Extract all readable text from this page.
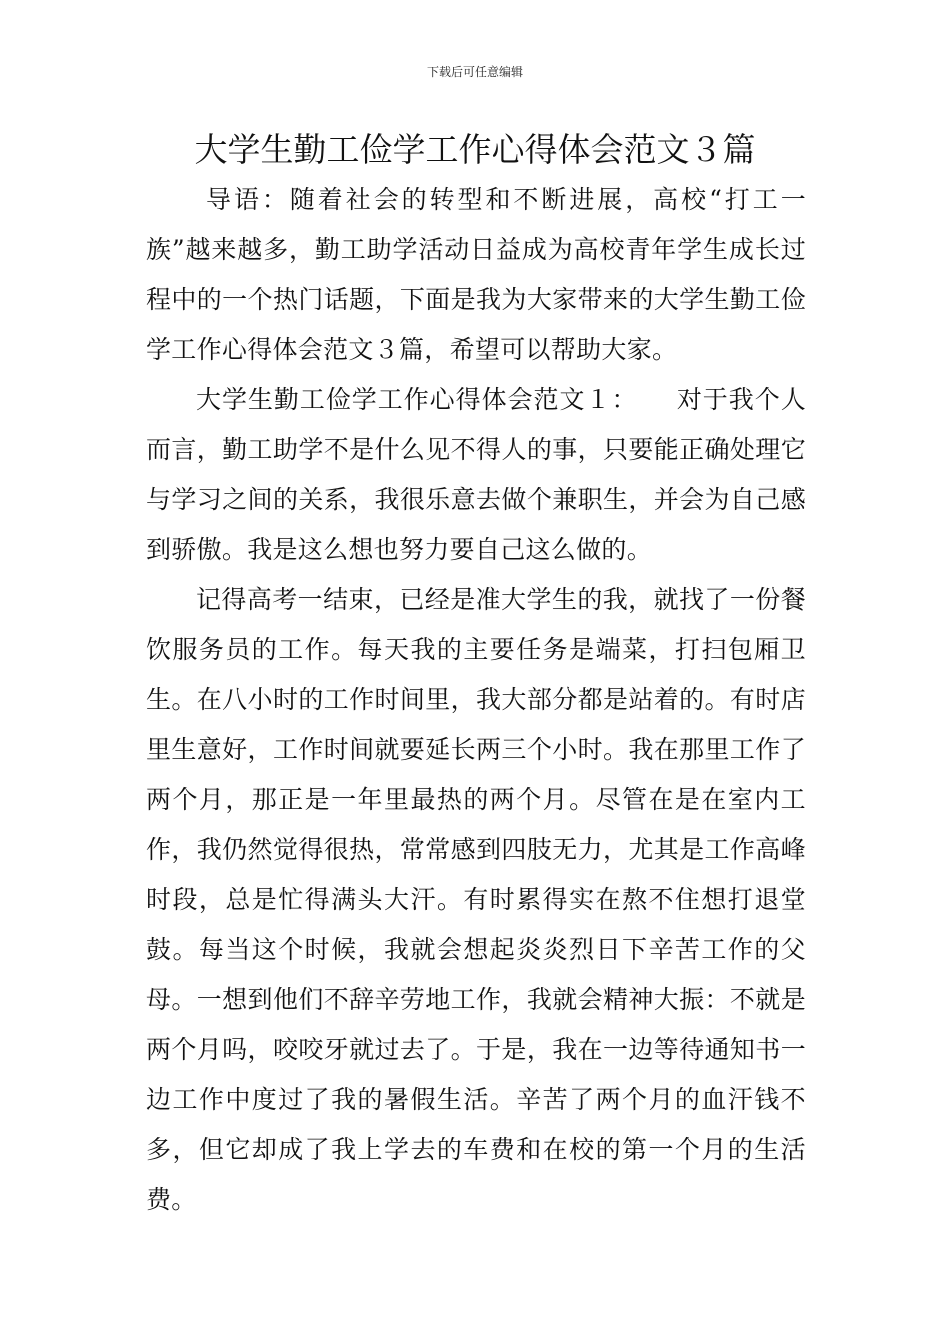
下载后可任意编辑
大学生勤工俭学工作心得体会范文３篇

导语：随着社会的转型和不断进展，高校“打工一族”越来越多，勤工助学活动日益成为高校青年学生成长过程中的一个热门话题，下面是我为大家带来的大学生勤工俭学工作心得体会范文３篇，希望可以帮助大家。

大学生勤工俭学工作心得体会范文１：　　对于我个人而言，勤工助学不是什么见不得人的事，只要能正确处理它与学习之间的关系，我很乐意去做个兼职生，并会为自己感到骄傲。我是这么想也努力要自己这么做的。

记得高考一结束，已经是准大学生的我，就找了一份餐饮服务员的工作。每天我的主要任务是端菜，打扫包厢卫生。在八小时的工作时间里，我大部分都是站着的。有时店里生意好，工作时间就要延长两三个小时。我在那里工作了两个月，那正是一年里最热的两个月。尽管在是在室内工作，我仍然觉得很热，常常感到四肢无力，尤其是工作高峰时段，总是忙得满头大汗。有时累得实在熬不住想打退堂鼓。每当这个时候，我就会想起炎炎烈日下辛苦工作的父母。一想到他们不辞辛劳地工作，我就会精神大振：不就是两个月吗，咬咬牙就过去了。于是，我在一边等待通知书一边工作中度过了我的暑假生活。辛苦了两个月的血汗钱不多，但它却成了我上学去的车费和在校的第一个月的生活费。
